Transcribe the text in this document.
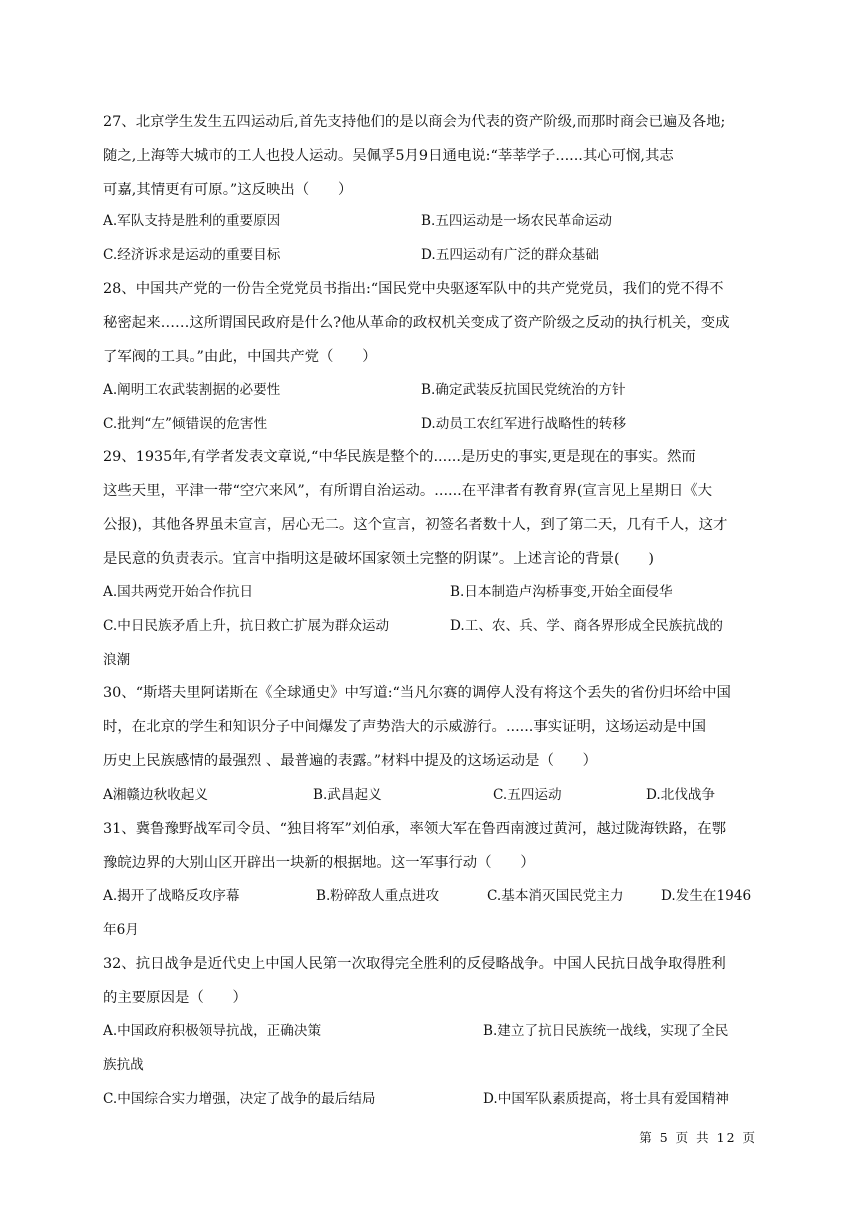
27、北京学生发生五四运动后,首先支持他们的是以商会为代表的资产阶级,而那时商会已遍及各地;
随之,上海等大城市的工人也投人运动。吴佩孚5月9日通电说:“莘莘学子......其心可悯,其志
可嘉,其情更有可原。”这反映出（　　）
A.军队支持是胜利的重要原因	B.五四运动是一场农民革命运动
C.经济诉求是运动的重要目标	D.五四运动有广泛的群众基础
28、中国共产党的一份告全党党员书指出:“国民党中央驱逐军队中的共产党党员，我们的党不得不
秘密起来……这所谓国民政府是什么?他从革命的政权机关变成了资产阶级之反动的执行机关，变成
了军阀的工具。”由此，中国共产党（　　）
A.阐明工农武装割据的必要性	B.确定武装反抗国民党统治的方针
C.批判“左”倾错误的危害性	D.动员工农红军进行战略性的转移
29、1935年,有学者发表文章说,“中华民族是整个的......是历史的事实,更是现在的事实。然而
这些天里，平津一带“空穴来风”，有所谓自治运动。......在平津者有教育界(宣言见上星期日《大
公报)，其他各界虽未宣言，居心无二。这个宣言，初签名者数十人，到了第二天，几有千人，这才
是民意的负责表示。宜言中指明这是破坏国家领土完整的阴谋”。上述言论的背景(　　)
A.国共两党开始合作抗日	B.日本制造卢沟桥事变,开始全面侵华
C.中日民族矛盾上升，抗日救亡扩展为群众运动	D.工、农、兵、学、商各界形成全民族抗战的
浪潮
30、“斯塔夫里阿诺斯在《全球通史》中写道:“当凡尔赛的调停人没有将这个丢失的省份归坏给中国
时，在北京的学生和知识分子中间爆发了声势浩大的示威游行。......事实证明，这场运动是中国
历史上民族感情的最强烈 、最普遍的表露。”材料中提及的这场运动是（　　）
A湘赣边秋收起义	B.武昌起义	C.五四运动	D.北伐战争
31、冀鲁豫野战军司令员、“独目将军”刘伯承，率领大军在鲁西南渡过黄河，越过陇海铁路，在鄂
豫皖边界的大别山区开辟出一块新的根据地。这一军事行动（　　）
A.揭开了战略反攻序幕	B.粉碎敌人重点进攻	C.基本消灭国民党主力	D.发生在1946
年6月
32、抗日战争是近代史上中国人民第一次取得完全胜利的反侵略战争。中国人民抗日战争取得胜利
的主要原因是（　　）
A.中国政府积极领导抗战，正确决策	B.建立了抗日民族统一战线，实现了全民
族抗战
C.中国综合实力增强，决定了战争的最后结局	D.中国军队素质提高，将士具有爱国精神
第 5 页 共 12 页
